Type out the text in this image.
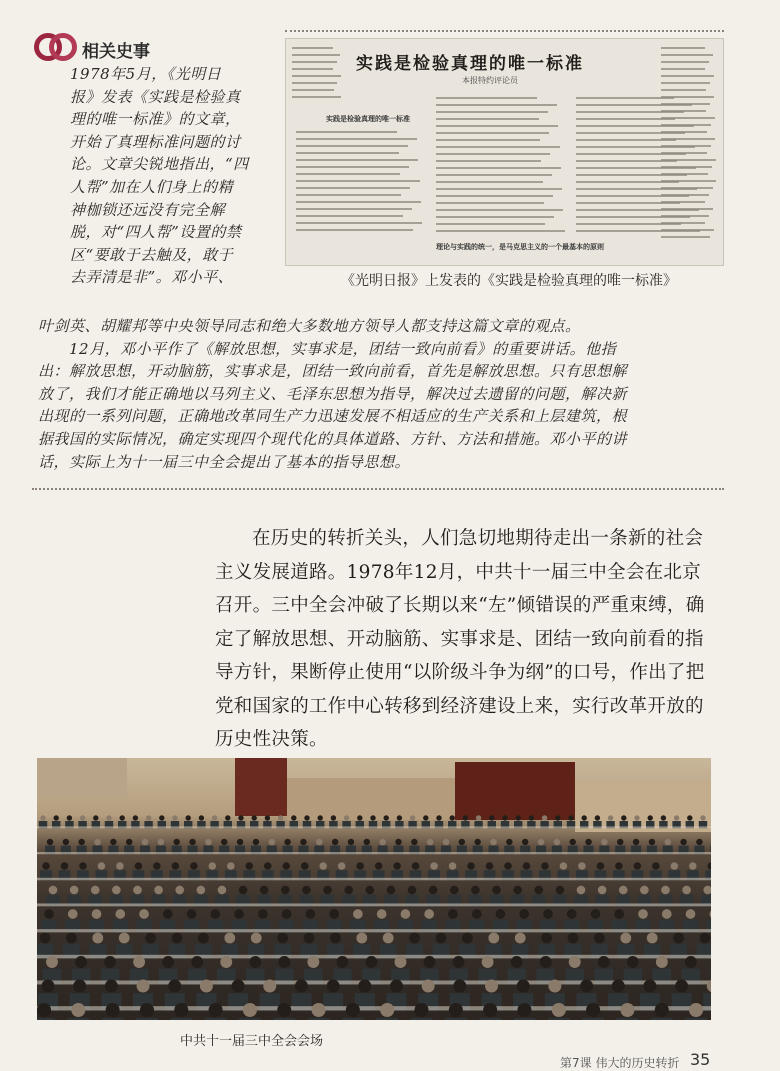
相关史事

1978年5月，《光明日

报》发表《实践是检验真

理的唯一标准》的文章，

开始了真理标准问题的讨

论。文章尖锐地指出，“四

人帮”加在人们身上的精

神枷锁还远没有完全解

脱，对“四人帮”设置的禁

区“要敢于去触及，敢于

去弄清是非”。邓小平、

实践是检验真理的唯一标准
本报特约评论员
实践是检验真理的唯一标准
理论与实践的统一，是马克思主义的一个最基本的原则
《光明日报》上发表的《实践是检验真理的唯一标准》

叶剑英、胡耀邦等中央领导同志和绝大多数地方领导人都支持这篇文章的观点。

　　12月，邓小平作了《解放思想，实事求是，团结一致向前看》的重要讲话。他指

出：解放思想，开动脑筋，实事求是，团结一致向前看，首先是解放思想。只有思想解

放了，我们才能正确地以马列主义、毛泽东思想为指导，解决过去遗留的问题，解决新

出现的一系列问题，正确地改革同生产力迅速发展不相适应的生产关系和上层建筑，根

据我国的实际情况，确定实现四个现代化的具体道路、方针、方法和措施。邓小平的讲

话，实际上为十一届三中全会提出了基本的指导思想。

在历史的转折关头，人们急切地期待走出一条新的社会主义发展道路。1978年12月，中共十一届三中全会在北京召开。三中全会冲破了长期以来“左”倾错误的严重束缚，确定了解放思想、开动脑筋、实事求是、团结一致向前看的指导方针，果断停止使用“以阶级斗争为纲”的口号，作出了把党和国家的工作中心转移到经济建设上来，实行改革开放的历史性决策。

中共十一届三中全会会场
第7课 伟大的历史转折 35
